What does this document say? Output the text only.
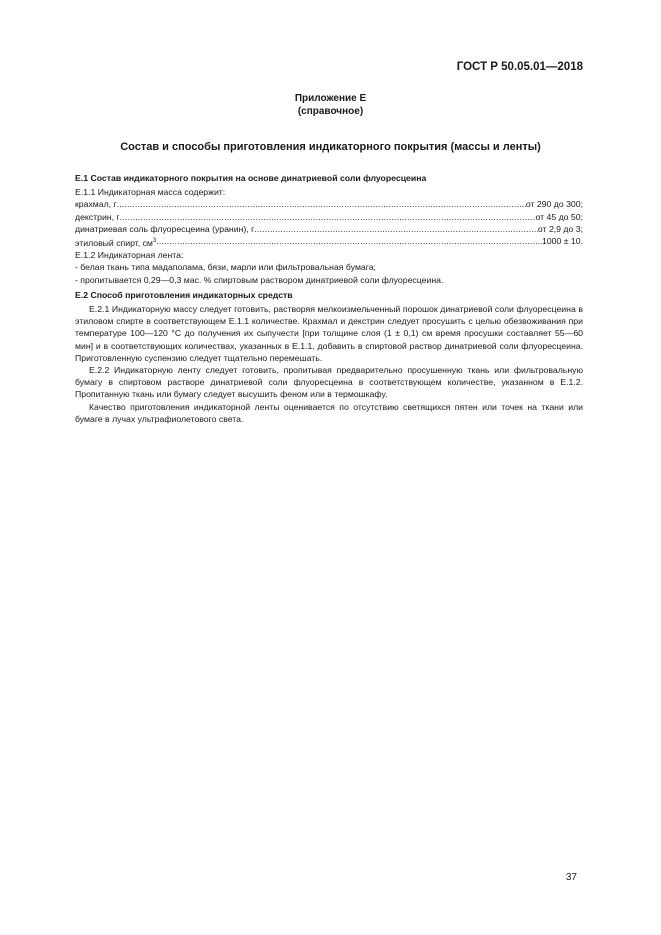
ГОСТ Р 50.05.01—2018
Приложение Е
(справочное)
Состав и способы приготовления индикаторного покрытия (массы и ленты)
Е.1 Состав индикаторного покрытия на основе динатриевой соли флуоресцеина
Е.1.1 Индикаторная масса содержит:
крахмал, г .....	от 290 до 300;
декстрин, г .....	от 45 до 50;
динатриевая соль флуоресцеина (уранин), г .....	от 2,9 до 3;
этиловый спирт, $см^3$ .....	1000 ± 10.
Е.1.2 Индикаторная лента:
- белая ткань типа мадаполама, бязи, марли или фильтровальная бумага;
- пропитывается 0,29—0,3 мас. % спиртовым раствором динатриевой соли флуоресцеина.
Е.2 Способ приготовления индикаторных средств

Е.2.1 Индикаторную массу следует готовить, растворяя мелкоизмельченный порошок динатриевой соли флуоресцеина в этиловом спирте в соответствующем Е.1.1 количестве. Крахмал и декстрин следует просушить с целью обезвоживания при температуре 100—120 °С до получения их сыпучести [при толщине слоя (1 ± 0,1) см время просушки составляет 55—60 мин] и в соответствующих количествах, указанных в Е.1.1, добавить в спиртовой раствор динатриевой соли флуоресцеина. Приготовленную суспензию следует тщательно перемешать.

Е.2.2 Индикаторную ленту следует готовить, пропитывая предварительно просушенную ткань или фильтровальную бумагу в спиртовом растворе динатриевой соли флуоресцеина в соответствующем количестве, указанном в Е.1.2. Пропитанную ткань или бумагу следует высушить феном или в термошкафу.

Качество приготовления индикаторной ленты оценивается по отсутствию светящихся пятен или точек на ткани или бумаге в лучах ультрафиолетового света.

37
